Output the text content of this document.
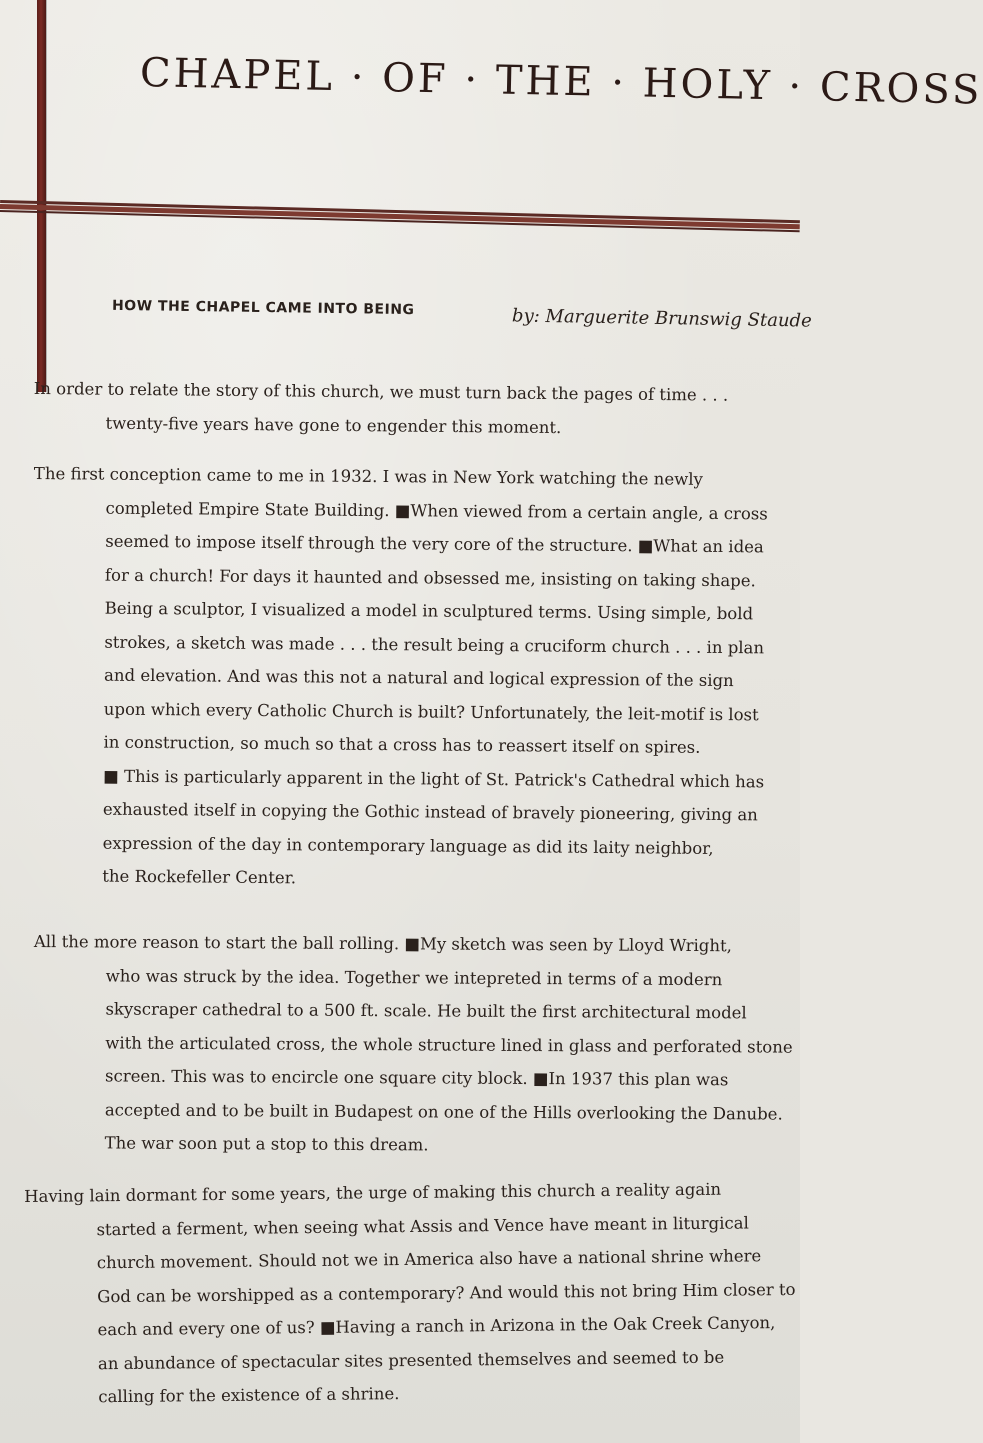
CHAPEL · OF · THE · HOLY · CROSS
HOW THE CHAPEL CAME INTO BEING	by: Marguerite Brunswig Staude
In order to relate the story of this church, we must turn back the pages of time . . .
twenty-five years have gone to engender this moment.
The first conception came to me in 1932. I was in New York watching the newly
completed Empire State Building. ■When viewed from a certain angle, a cross
seemed to impose itself through the very core of the structure. ■What an idea
for a church! For days it haunted and obsessed me, insisting on taking shape.
Being a sculptor, I visualized a model in sculptured terms. Using simple, bold
strokes, a sketch was made . . . the result being a cruciform church . . . in plan
and elevation. And was this not a natural and logical expression of the sign
upon which every Catholic Church is built? Unfortunately, the leit-motif is lost
in construction, so much so that a cross has to reassert itself on spires.
■ This is particularly apparent in the light of St. Patrick's Cathedral which has
exhausted itself in copying the Gothic instead of bravely pioneering, giving an
expression of the day in contemporary language as did its laity neighbor,
the Rockefeller Center.
All the more reason to start the ball rolling. ■My sketch was seen by Lloyd Wright,
who was struck by the idea. Together we intepreted in terms of a modern
skyscraper cathedral to a 500 ft. scale. He built the first architectural model
with the articulated cross, the whole structure lined in glass and perforated stone
screen. This was to encircle one square city block. ■In 1937 this plan was
accepted and to be built in Budapest on one of the Hills overlooking the Danube.
The war soon put a stop to this dream.
Having lain dormant for some years, the urge of making this church a reality again
started a ferment, when seeing what Assis and Vence have meant in liturgical
church movement. Should not we in America also have a national shrine where
God can be worshipped as a contemporary? And would this not bring Him closer to
each and every one of us? ■Having a ranch in Arizona in the Oak Creek Canyon,
an abundance of spectacular sites presented themselves and seemed to be
calling for the existence of a shrine.
